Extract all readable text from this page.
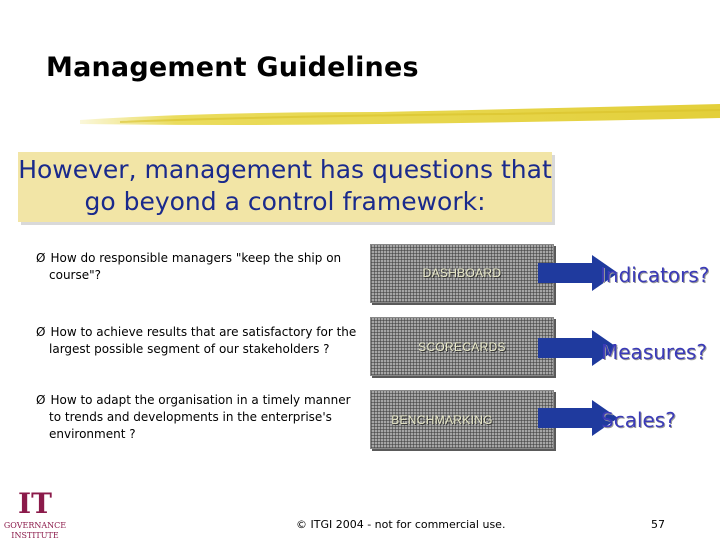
Management Guidelines
However, management has questions that
go beyond a control framework:
Ø How do responsible managers "keep the ship on
course"?	DASHBOARD	Indicators?
Ø How to achieve results that are satisfactory for the
largest possible segment of our stakeholders ?	SCORECARDS	Measures?
Ø How to adapt the organisation in a timely manner
to trends and developments in the enterprise's
environment ?
BENCHMARKING	Scales?
IT
GOVERNANCE
INSTITUTE
© ITGI 2004 - not for commercial use.	57
